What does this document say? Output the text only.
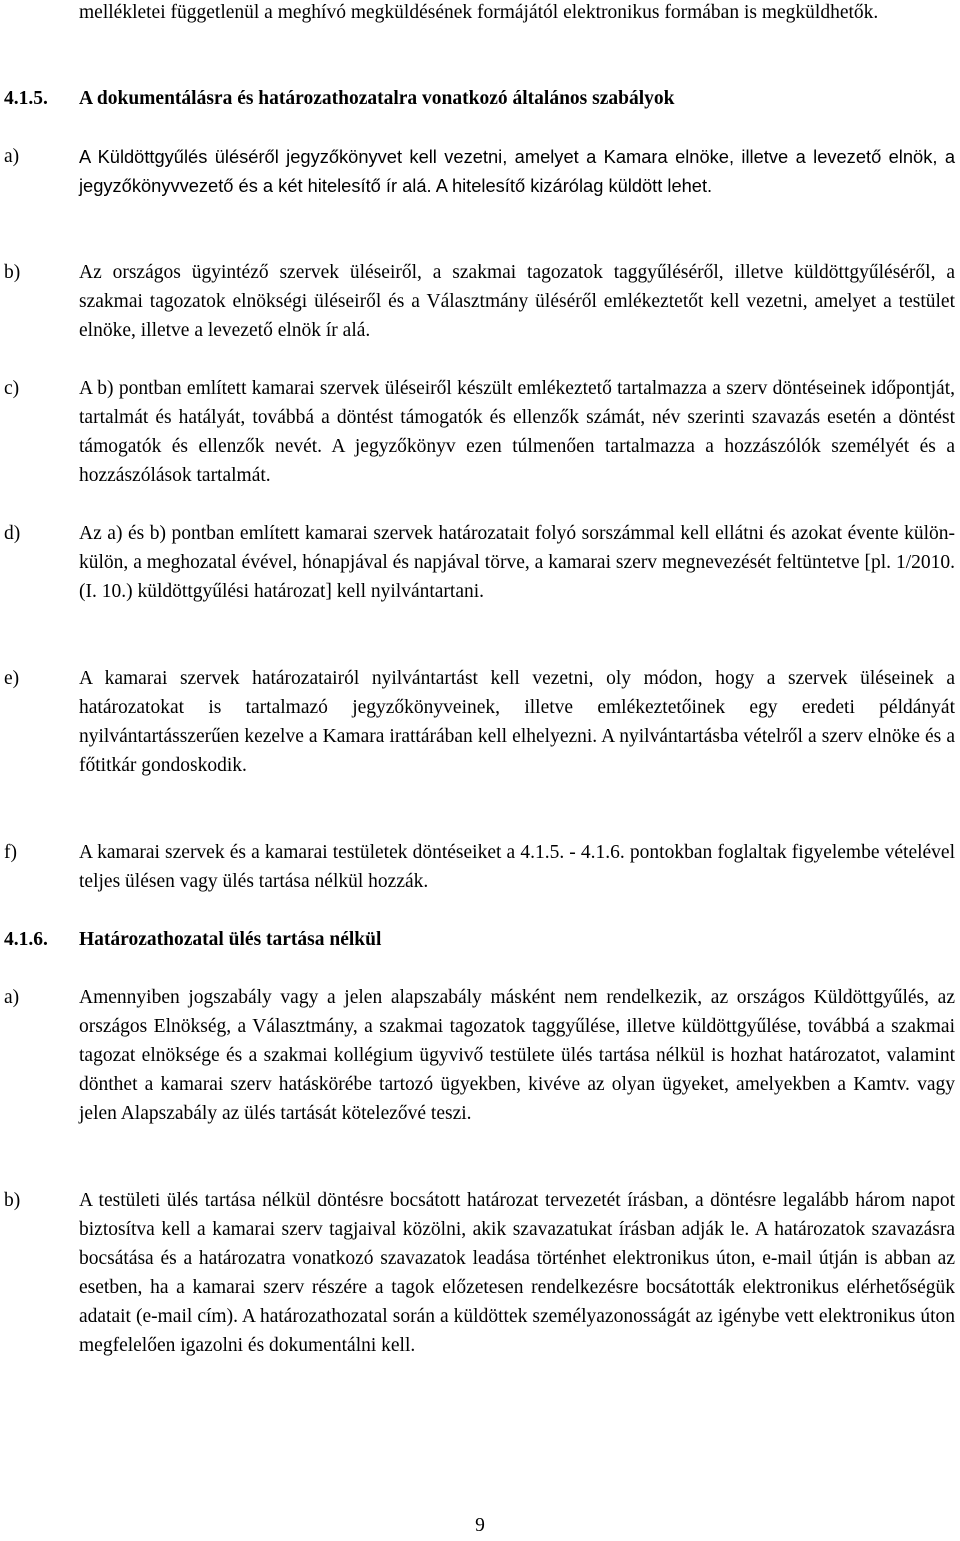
mellékletei függetlenül a meghívó megküldésének formájától elektronikus formában is megküldhetők.
4.1.5. A dokumentálásra és határozathozatalra vonatkozó általános szabályok
a)	A Küldöttgyűlés üléséről jegyzőkönyvet kell vezetni, amelyet a Kamara elnöke, illetve a levezető elnök, a jegyzőkönyvvezető és a két hitelesítő ír alá. A hitelesítő kizárólag küldött lehet.
b)	Az országos ügyintéző szervek üléseiről, a szakmai tagozatok taggyűléséről, illetve küldöttgyűléséről, a szakmai tagozatok elnökségi üléseiről és a Választmány üléséről emlékeztetőt kell vezetni, amelyet a testület elnöke, illetve a levezető elnök ír alá.
c)	A b) pontban említett kamarai szervek üléseiről készült emlékeztető tartalmazza a szerv döntéseinek időpontját, tartalmát és hatályát, továbbá a döntést támogatók és ellenzők számát, név szerinti szavazás esetén a döntést támogatók és ellenzők nevét. A jegyzőkönyv ezen túlmenően tartalmazza a hozzászólók személyét és a hozzászólások tartalmát.
d)	Az a) és b) pontban említett kamarai szervek határozatait folyó sorszámmal kell ellátni és azokat évente külön-külön, a meghozatal évével, hónapjával és napjával törve, a kamarai szerv megnevezését feltüntetve [pl. 1/2010. (I. 10.) küldöttgyűlési határozat] kell nyilvántartani.
e)	A kamarai szervek határozatairól nyilvántartást kell vezetni, oly módon, hogy a szervek üléseinek a határozatokat is tartalmazó jegyzőkönyveinek, illetve emlékeztetőinek egy eredeti példányát nyilvántartásszerűen kezelve a Kamara irattárában kell elhelyezni. A nyilvántartásba vételről a szerv elnöke és a főtitkár gondoskodik.
f)	A kamarai szervek és a kamarai testületek döntéseiket a 4.1.5. - 4.1.6. pontokban foglaltak figyelembe vételével teljes ülésen vagy ülés tartása nélkül hozzák.
4.1.6. Határozathozatal ülés tartása nélkül
a)	Amennyiben jogszabály vagy a jelen alapszabály másként nem rendelkezik, az országos Küldöttgyűlés, az országos Elnökség, a Választmány, a szakmai tagozatok taggyűlése, illetve küldöttgyűlése, továbbá a szakmai tagozat elnöksége és a szakmai kollégium ügyvivő testülete ülés tartása nélkül is hozhat határozatot, valamint dönthet a kamarai szerv hatáskörébe tartozó ügyekben, kivéve az olyan ügyeket, amelyekben a Kamtv. vagy jelen Alapszabály az ülés tartását kötelezővé teszi.
b)	A testületi ülés tartása nélkül döntésre bocsátott határozat tervezetét írásban, a döntésre legalább három napot biztosítva kell a kamarai szerv tagjaival közölni, akik szavazatukat írásban adják le. A határozatok szavazásra bocsátása és a határozatra vonatkozó szavazatok leadása történhet elektronikus úton, e-mail útján is abban az esetben, ha a kamarai szerv részére a tagok előzetesen rendelkezésre bocsátották elektronikus elérhetőségük adatait (e-mail cím). A határozathozatal során a küldöttek személyazonosságát az igénybe vett elektronikus úton megfelelően igazolni és dokumentálni kell.
9
